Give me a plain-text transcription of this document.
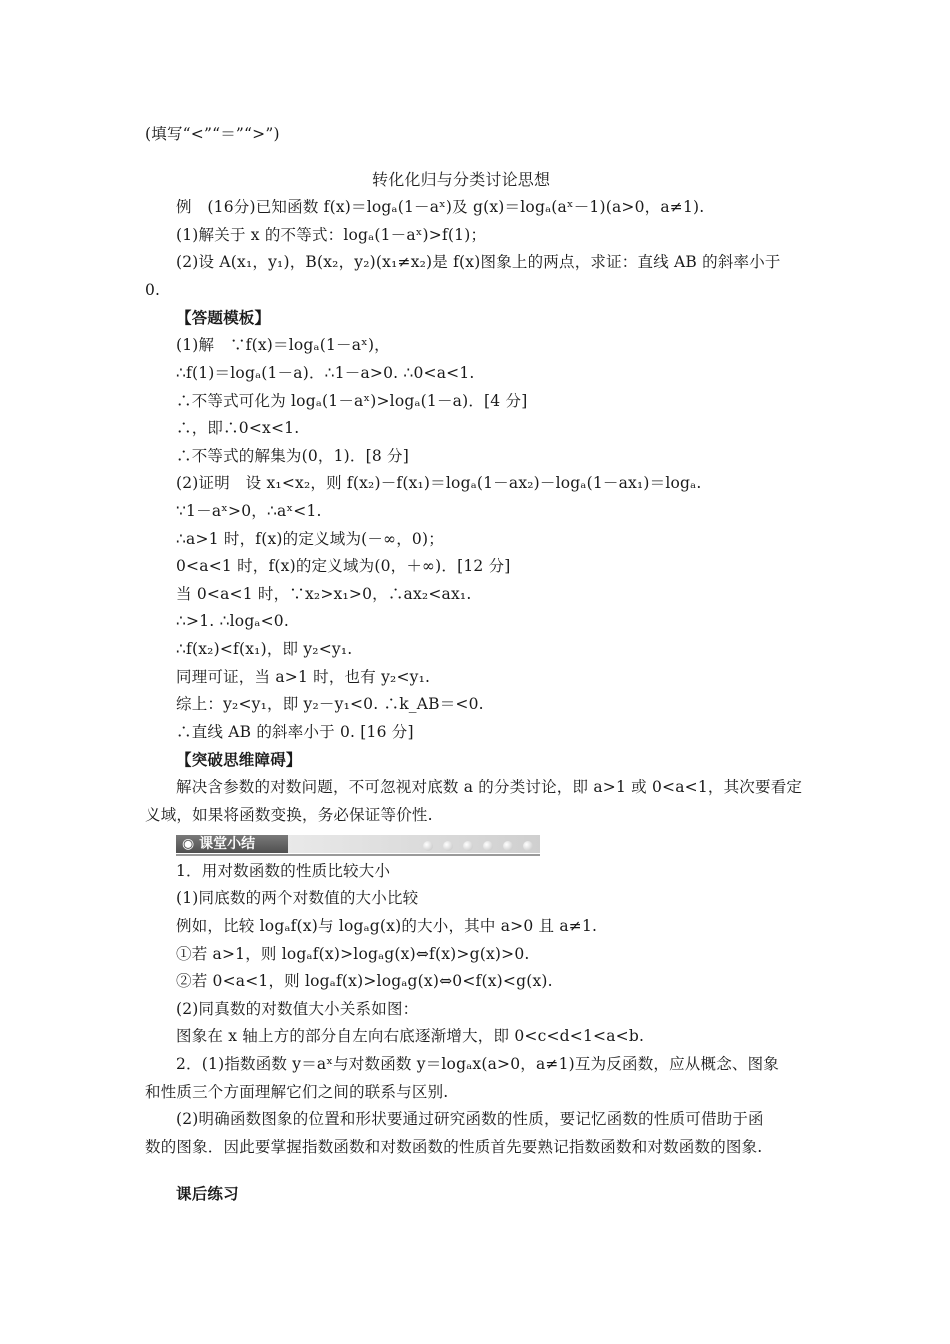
(填写“<”“＝”“>”)
转化化归与分类讨论思想
例　(16分)已知函数 f(x)＝logₐ(1－aˣ)及 g(x)＝logₐ(aˣ－1)(a>0，a≠1).
(1)解关于 x 的不等式：logₐ(1－aˣ)>f(1)；
(2)设 A(x₁，y₁)，B(x₂，y₂)(x₁≠x₂)是 f(x)图象上的两点，求证：直线 AB 的斜率小于
0.
【答题模板】
(1)解　∵f(x)＝logₐ(1－aˣ)，
∴f(1)＝logₐ(1－a)．∴1－a>0. ∴0<a<1.
∴不等式可化为 logₐ(1－aˣ)>logₐ(1－a)．[4 分]
∴，即∴0<x<1.
∴不等式的解集为(0，1)．[8 分]
(2)证明　设 x₁<x₂，则 f(x₂)－f(x₁)＝logₐ(1－ax₂)－logₐ(1－ax₁)＝logₐ.
∵1－aˣ>0，∴aˣ<1.
∴a>1 时，f(x)的定义域为(－∞，0)；
0<a<1 时，f(x)的定义域为(0，＋∞)．[12 分]
当 0<a<1 时，∵x₂>x₁>0，∴ax₂<ax₁.
∴>1. ∴logₐ<0.
∴f(x₂)<f(x₁)，即 y₂<y₁.
同理可证，当 a>1 时，也有 y₂<y₁.
综上：y₂<y₁，即 y₂－y₁<0. ∴k_AB＝<0.
∴直线 AB 的斜率小于 0. [16 分]
【突破思维障碍】
解决含参数的对数问题，不可忽视对底数 a 的分类讨论，即 a>1 或 0<a<1，其次要看定
义域，如果将函数变换，务必保证等价性.
◉ 课堂小结
1．用对数函数的性质比较大小
(1)同底数的两个对数值的大小比较
例如，比较 logₐf(x)与 logₐg(x)的大小，其中 a>0 且 a≠1.
①若 a>1，则 logₐf(x)>logₐg(x)⇔f(x)>g(x)>0.
②若 0<a<1，则 logₐf(x)>logₐg(x)⇔0<f(x)<g(x).
(2)同真数的对数值大小关系如图：
图象在 x 轴上方的部分自左向右底逐渐增大，即 0<c<d<1<a<b.
2．(1)指数函数 y＝aˣ与对数函数 y＝logₐx(a>0，a≠1)互为反函数，应从概念、图象
和性质三个方面理解它们之间的联系与区别.
(2)明确函数图象的位置和形状要通过研究函数的性质，要记忆函数的性质可借助于函
数的图象．因此要掌握指数函数和对数函数的性质首先要熟记指数函数和对数函数的图象.
课后练习
